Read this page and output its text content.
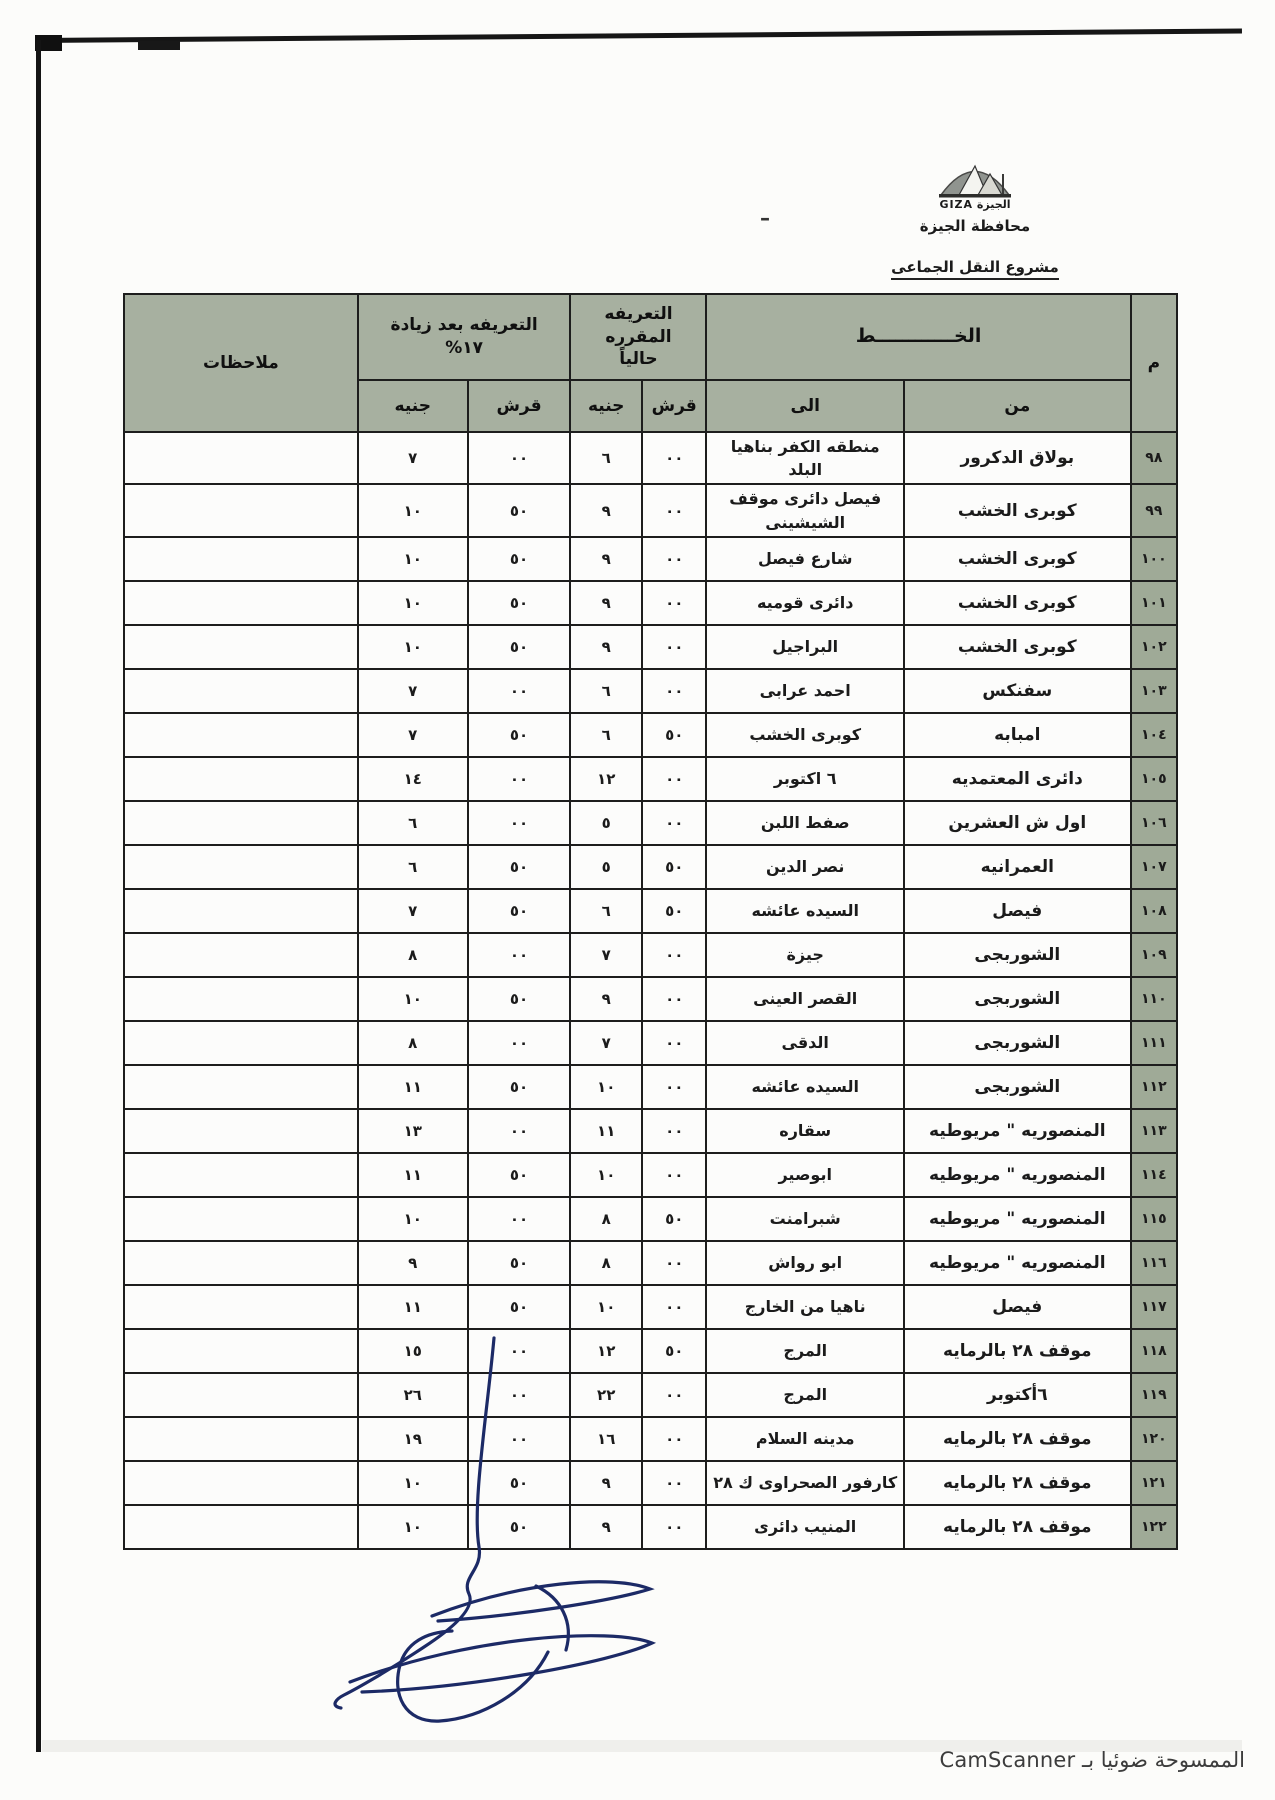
الجيزة GIZA
محافظة الجيزة

مشروع النقل الجماعى
–
م	الخــــــــــــط	
التعريفه المقرره
حالياً

التعريفه بعد زيادة
١٧%
	ملاحظات
	من	الى	قرش	جنيه	قرش	جنيه	
٩٨	بولاق الدكرور	منطقه الكفر بناهيا البلد	٠٠	٦	٠٠	٧	
٩٩	كوبرى الخشب	فيصل دائرى موقف الشيشينى	٠٠	٩	٥٠	١٠	
١٠٠	كوبرى الخشب	شارع فيصل	٠٠	٩	٥٠	١٠	
١٠١	كوبرى الخشب	دائرى قوميه	٠٠	٩	٥٠	١٠	
١٠٢	كوبرى الخشب	البراجيل	٠٠	٩	٥٠	١٠	
١٠٣	سفنكس	احمد عرابى	٠٠	٦	٠٠	٧	
١٠٤	امبابه	كوبرى الخشب	٥٠	٦	٥٠	٧	
١٠٥	دائرى المعتمديه	٦ اكتوبر	٠٠	١٢	٠٠	١٤	
١٠٦	اول ش العشرين	صفط اللبن	٠٠	٥	٠٠	٦	
١٠٧	العمرانيه	نصر الدين	٥٠	٥	٥٠	٦	
١٠٨	فيصل	السيده عائشه	٥٠	٦	٥٠	٧	
١٠٩	الشوربجى	جيزة	٠٠	٧	٠٠	٨	
١١٠	الشوربجى	القصر العينى	٠٠	٩	٥٠	١٠	
١١١	الشوربجى	الدقى	٠٠	٧	٠٠	٨	
١١٢	الشوربجى	السيده عائشه	٠٠	١٠	٥٠	١١	
١١٣	المنصوريه " مريوطيه	سقاره	٠٠	١١	٠٠	١٣	
١١٤	المنصوريه " مريوطيه	ابوصير	٠٠	١٠	٥٠	١١	
١١٥	المنصوريه " مريوطيه	شبرامنت	٥٠	٨	٠٠	١٠	
١١٦	المنصوريه " مريوطيه	ابو رواش	٠٠	٨	٥٠	٩	
١١٧	فيصل	ناهيا من الخارج	٠٠	١٠	٥٠	١١	
١١٨	موقف ٢٨ بالرمايه	المرج	٥٠	١٢	٠٠	١٥	
١١٩	٦أكتوبر	المرج	٠٠	٢٢	٠٠	٢٦	
١٢٠	موقف ٢٨ بالرمايه	مدينه السلام	٠٠	١٦	٠٠	١٩	
١٢١	موقف ٢٨ بالرمايه	كارفور الصحراوى ك ٢٨	٠٠	٩	٥٠	١٠	
١٢٢	موقف ٢٨ بالرمايه	المنيب دائرى	٠٠	٩	٥٠	١٠	
الممسوحة ضوئيا بـ CamScanner
